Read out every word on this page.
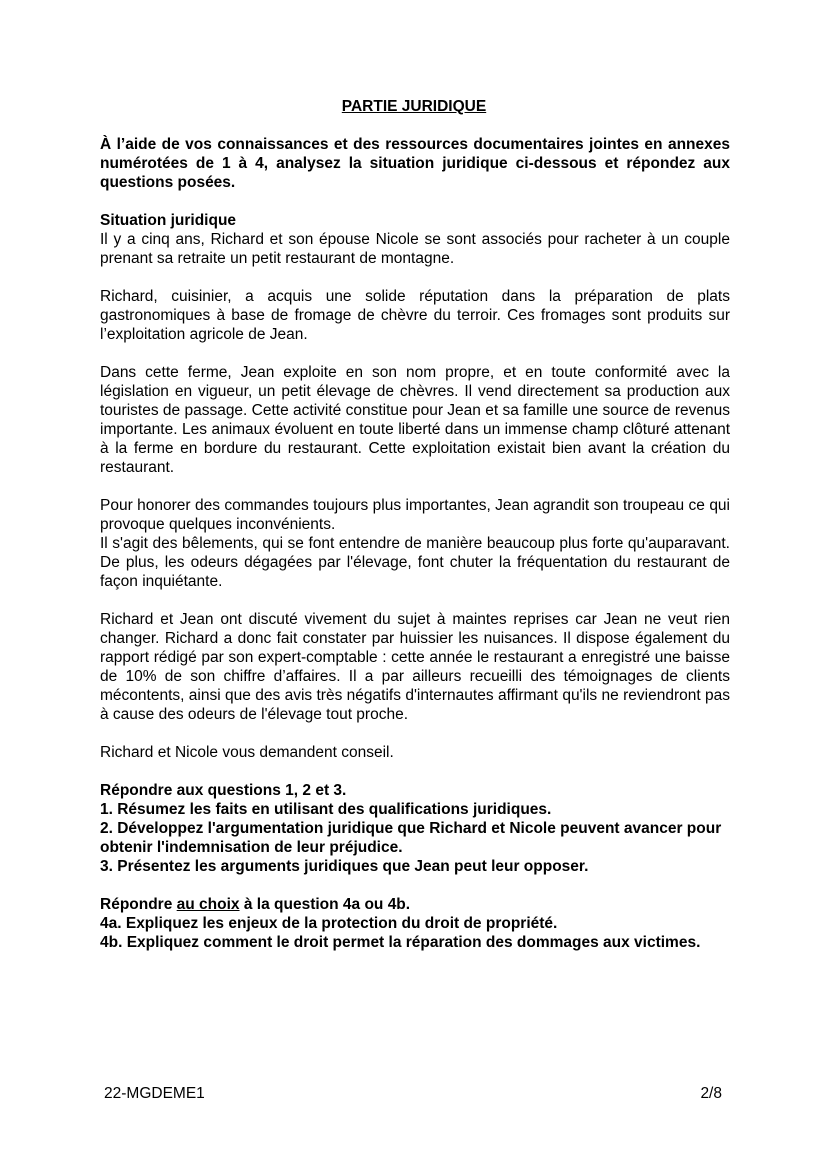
PARTIE JURIDIQUE

À l’aide de vos connaissances et des ressources documentaires jointes en annexes numérotées de 1 à 4, analysez la situation juridique ci-dessous et répondez aux questions posées.

Situation juridique

Il y a cinq ans, Richard et son épouse Nicole se sont associés pour racheter à un couple prenant sa retraite un petit restaurant de montagne.

Richard, cuisinier, a acquis une solide réputation dans la préparation de plats gastronomiques à base de fromage de chèvre du terroir. Ces fromages sont produits sur l’exploitation agricole de Jean.

Dans cette ferme, Jean exploite en son nom propre, et en toute conformité avec la législation en vigueur, un petit élevage de chèvres. Il vend directement sa production aux touristes de passage. Cette activité constitue pour Jean et sa famille une source de revenus importante. Les animaux évoluent en toute liberté dans un immense champ clôturé attenant à la ferme en bordure du restaurant. Cette exploitation existait bien avant la création du restaurant.

Pour honorer des commandes toujours plus importantes, Jean agrandit son troupeau ce qui provoque quelques inconvénients.

Il s'agit des bêlements, qui se font entendre de manière beaucoup plus forte qu'auparavant. De plus, les odeurs dégagées par l'élevage, font chuter la fréquentation du restaurant de façon inquiétante.

Richard et Jean ont discuté vivement du sujet à maintes reprises car Jean ne veut rien changer. Richard a donc fait constater par huissier les nuisances. Il dispose également du rapport rédigé par son expert-comptable : cette année le restaurant a enregistré une baisse de 10% de son chiffre d’affaires. Il a par ailleurs recueilli des témoignages de clients mécontents, ainsi que des avis très négatifs d'internautes affirmant qu'ils ne reviendront pas à cause des odeurs de l'élevage tout proche.

Richard et Nicole vous demandent conseil.

Répondre aux questions 1, 2 et 3.

1. Résumez les faits en utilisant des qualifications juridiques.

2. Développez l'argumentation juridique que Richard et Nicole peuvent avancer pour obtenir l'indemnisation de leur préjudice.

3. Présentez les arguments juridiques que Jean peut leur opposer.

Répondre au choix à la question 4a ou 4b.

4a. Expliquez les enjeux de la protection du droit de propriété.

4b. Expliquez comment le droit permet la réparation des dommages aux victimes.

22-MGDEME1	2/8
